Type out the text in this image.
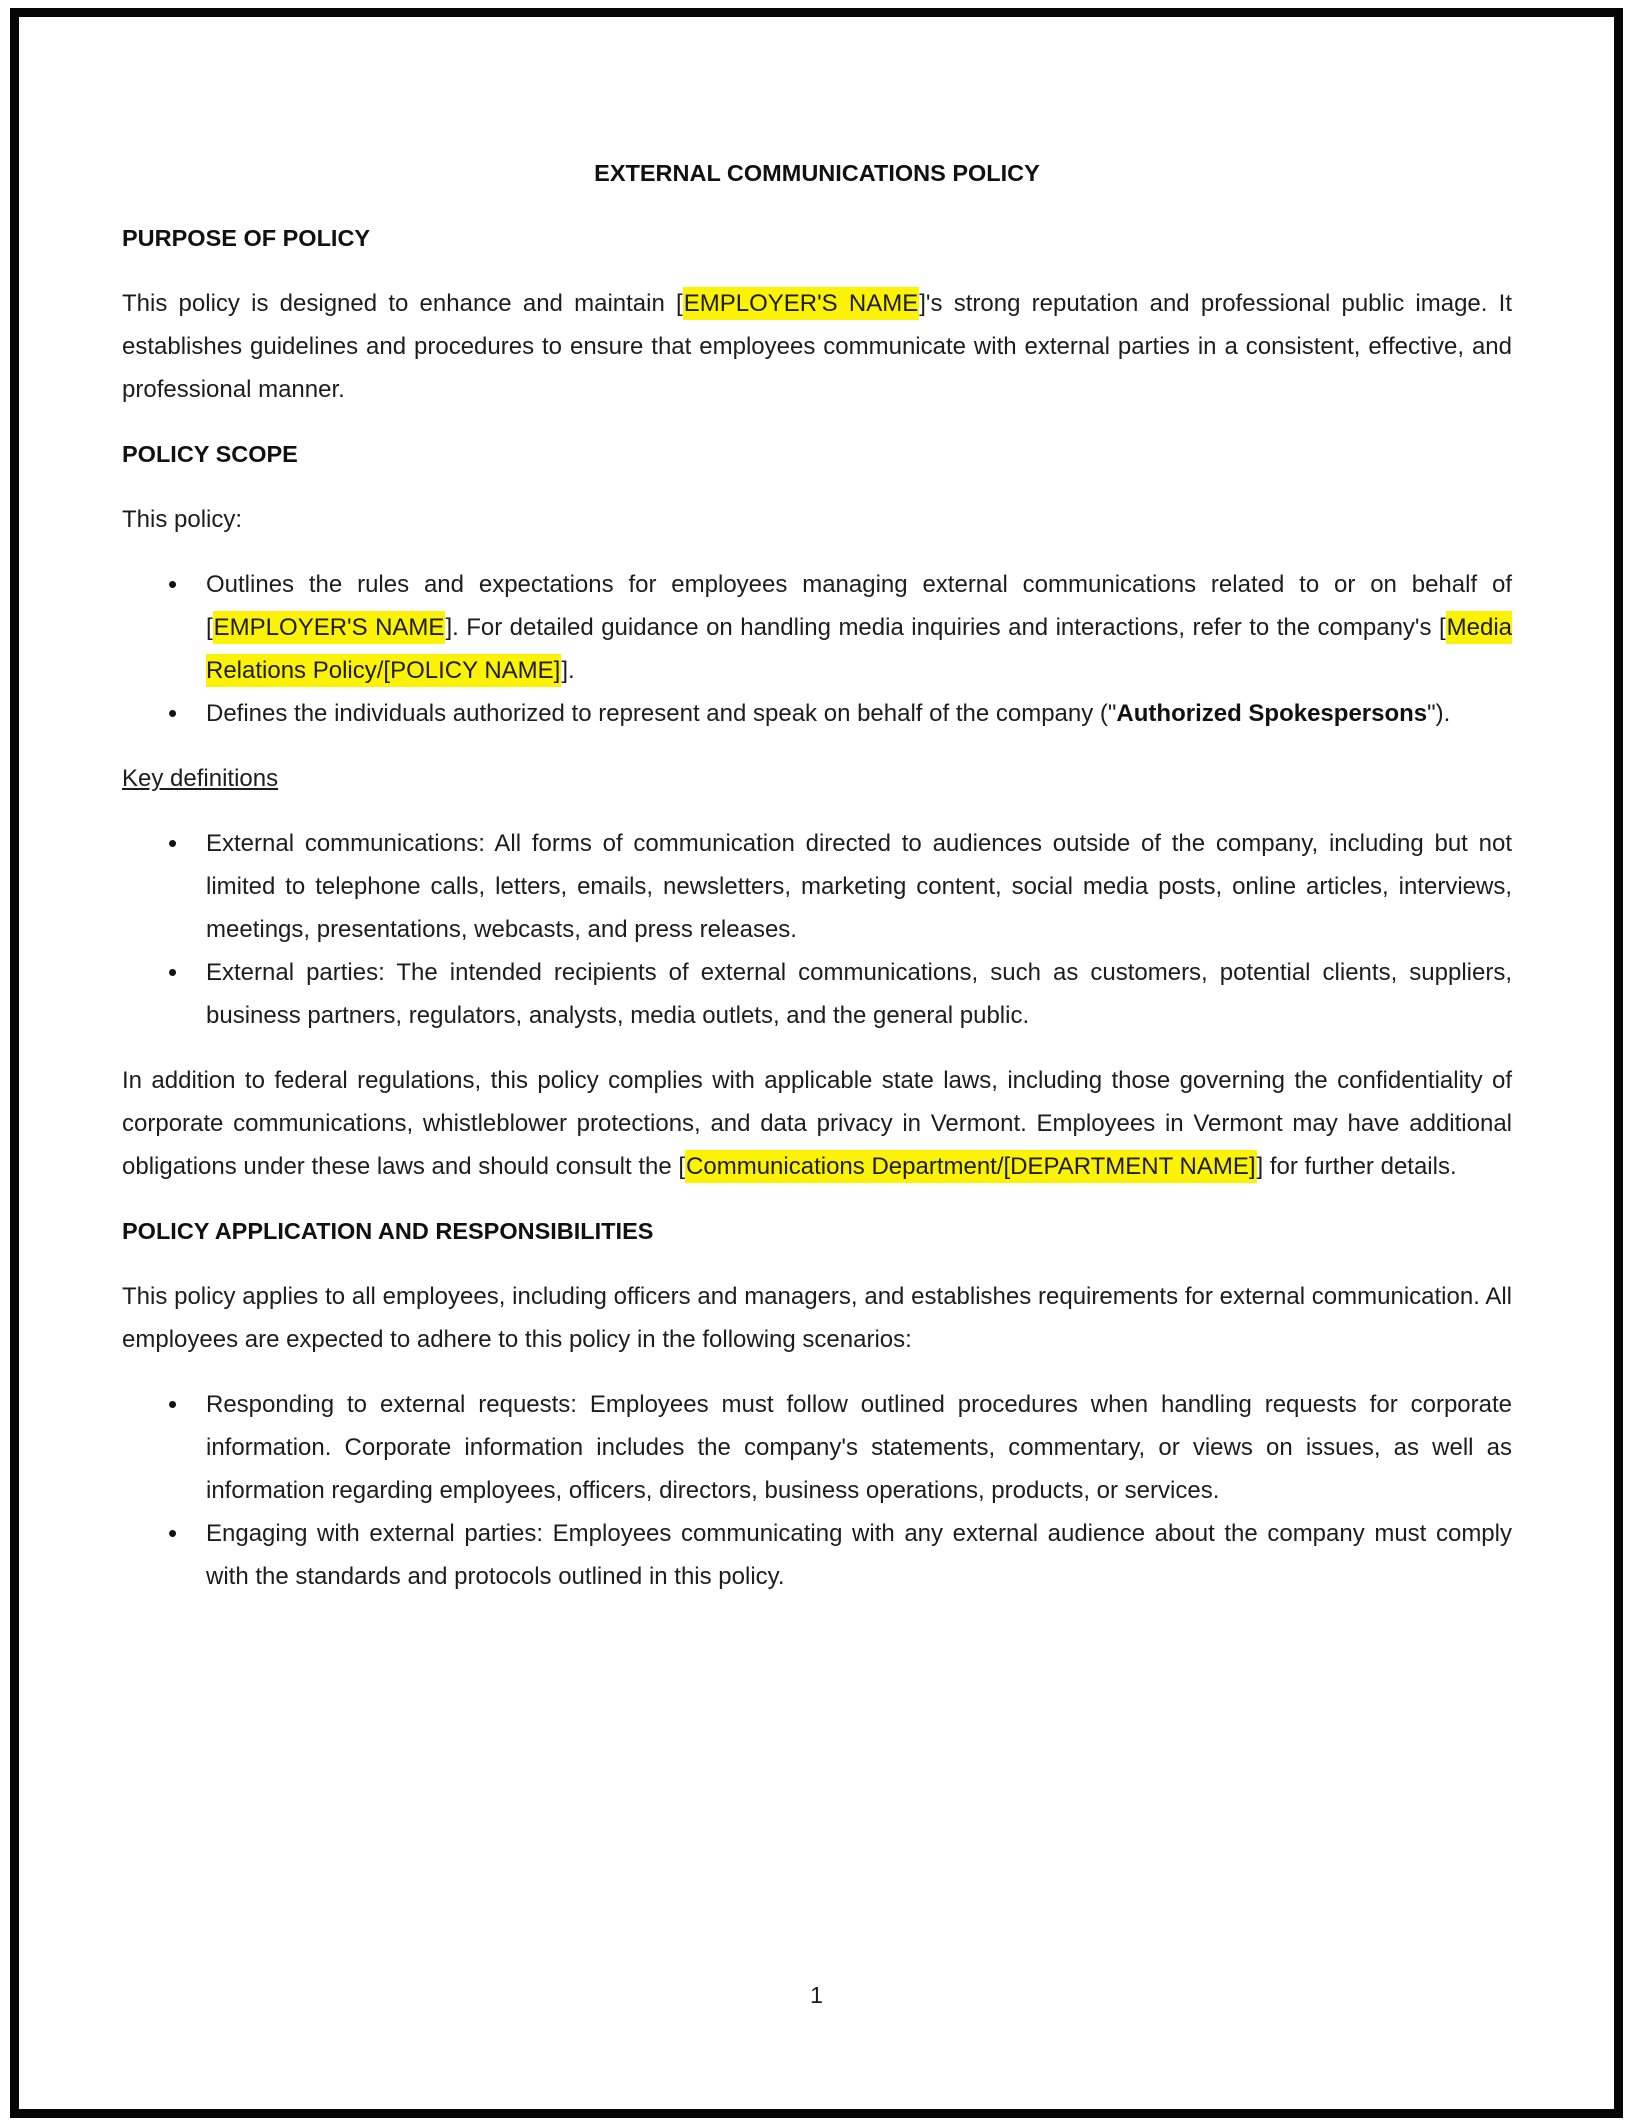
EXTERNAL COMMUNICATIONS POLICY
PURPOSE OF POLICY

This policy is designed to enhance and maintain [EMPLOYER'S NAME]'s strong reputation and professional public image. It establishes guidelines and procedures to ensure that employees communicate with external parties in a consistent, effective, and professional manner.

POLICY SCOPE

This policy:

• Outlines the rules and expectations for employees managing external communications related to or on behalf of [EMPLOYER'S NAME]. For detailed guidance on handling media inquiries and interactions, refer to the company's [Media Relations Policy/[POLICY NAME]].
• Defines the individuals authorized to represent and speak on behalf of the company ("Authorized Spokespersons").

Key definitions

• External communications: All forms of communication directed to audiences outside of the company, including but not limited to telephone calls, letters, emails, newsletters, marketing content, social media posts, online articles, interviews, meetings, presentations, webcasts, and press releases.
• External parties: The intended recipients of external communications, such as customers, potential clients, suppliers, business partners, regulators, analysts, media outlets, and the general public.

In addition to federal regulations, this policy complies with applicable state laws, including those governing the confidentiality of corporate communications, whistleblower protections, and data privacy in Vermont. Employees in Vermont may have additional obligations under these laws and should consult the [Communications Department/[DEPARTMENT NAME]] for further details.

POLICY APPLICATION AND RESPONSIBILITIES

This policy applies to all employees, including officers and managers, and establishes requirements for external communication. All employees are expected to adhere to this policy in the following scenarios:

• Responding to external requests: Employees must follow outlined procedures when handling requests for corporate information. Corporate information includes the company's statements, commentary, or views on issues, as well as information regarding employees, officers, directors, business operations, products, or services.
• Engaging with external parties: Employees communicating with any external audience about the company must comply with the standards and protocols outlined in this policy.
1
